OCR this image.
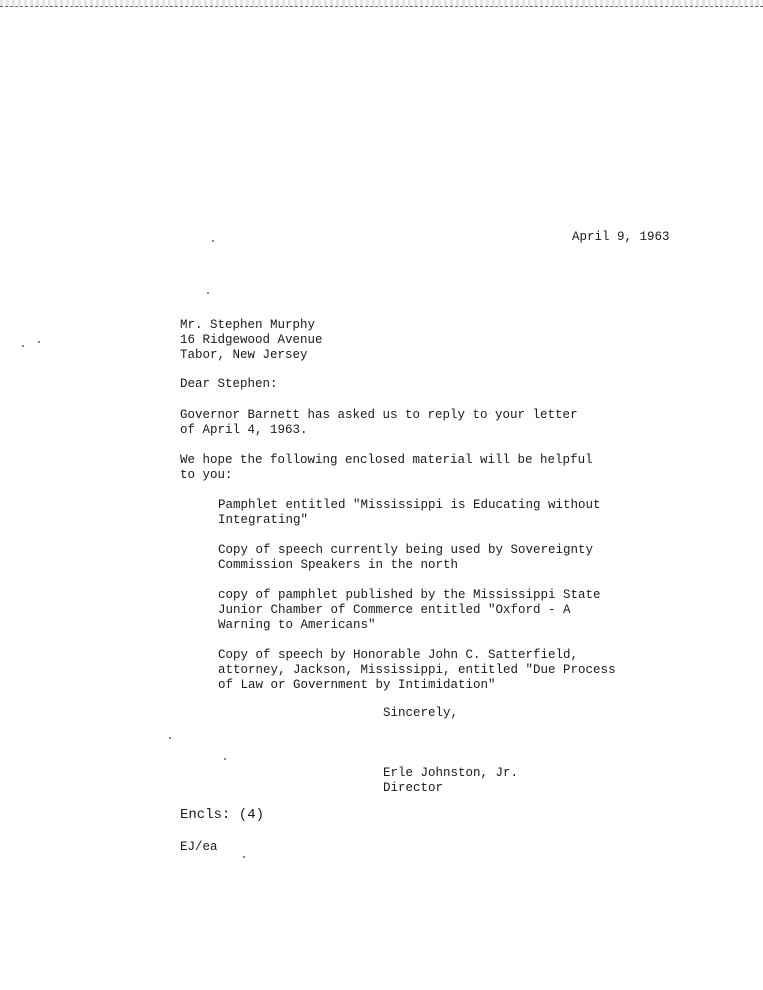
April 9, 1963

Mr. Stephen Murphy
16 Ridgewood Avenue
Tabor, New Jersey

Dear Stephen:

Governor Barnett has asked us to reply to your letter
of April 4, 1963.

We hope the following enclosed material will be helpful
to you:

Pamphlet entitled "Mississippi is Educating without
Integrating"
Copy of speech currently being used by Sovereignty
Commission Speakers in the north
copy of pamphlet published by the Mississippi State
Junior Chamber of Commerce entitled "Oxford - A
Warning to Americans"
Copy of speech by Honorable John C. Satterfield,
attorney, Jackson, Mississippi, entitled "Due Process
of Law or Government by Intimidation"

Sincerely,

Erle Johnston, Jr.
Director

Encls: (4)

EJ/ea
